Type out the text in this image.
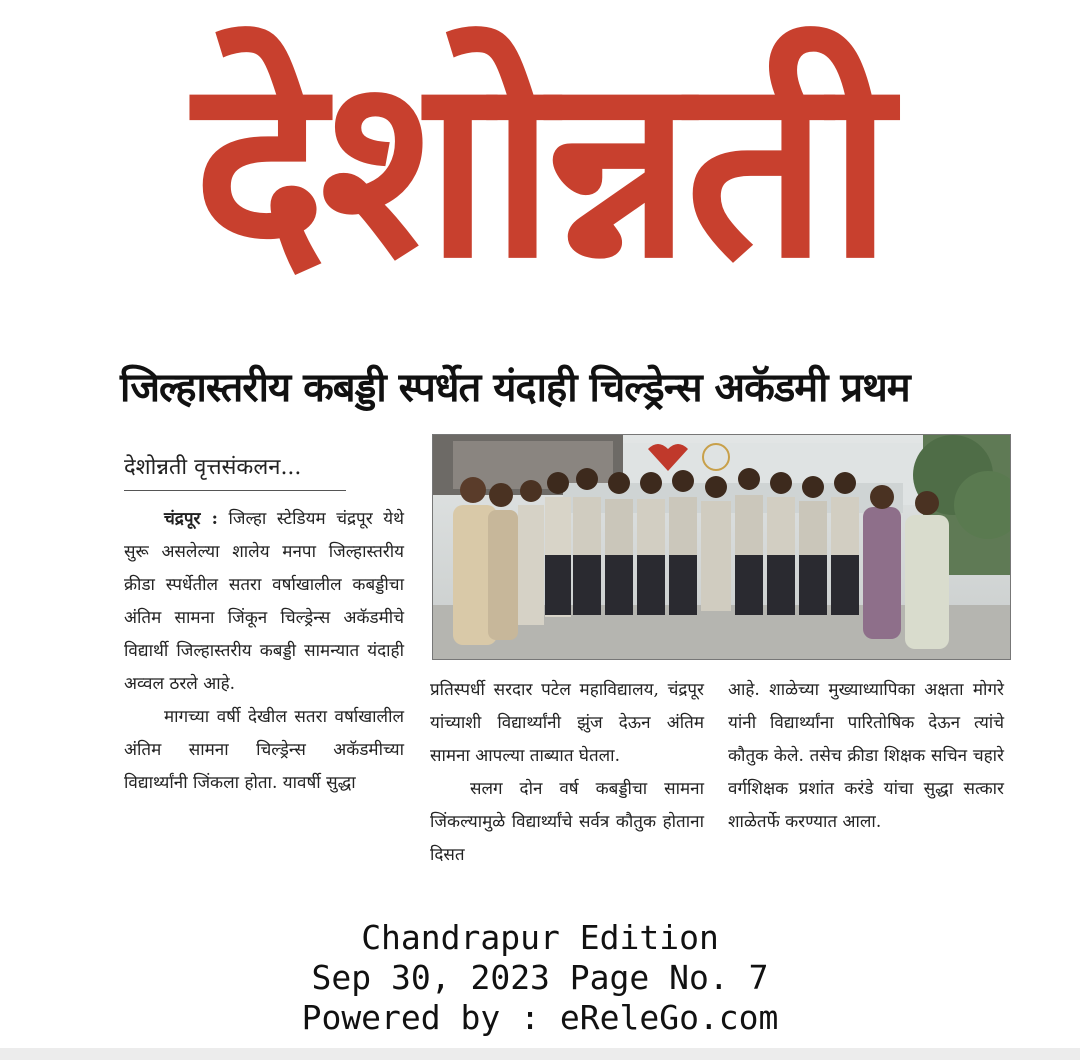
देशोन्नती
जिल्हास्तरीय कबड्डी स्पर्धेत यंदाही चिल्ड्रेन्स अकॅडमी प्रथम
देशोन्नती वृत्तसंकलन...

चंद्रपूर : जिल्हा स्टेडियम चंद्रपूर येथे सुरू असलेल्या शालेय मनपा जिल्हास्तरीय क्रीडा स्पर्धेतील सतरा वर्षाखालील कबड्डीचा अंतिम सामना जिंकून चिल्ड्रेन्स अकॅडमीचे विद्यार्थी जिल्हास्तरीय कबड्डी सामन्यात यंदाही अव्वल ठरले आहे.

मागच्या वर्षी देखील सतरा वर्षाखालील अंतिम सामना चिल्ड्रेन्स अकॅडमीच्या विद्यार्थ्यांनी जिंकला होता. यावर्षी सुद्धा

प्रतिस्पर्धी सरदार पटेल महाविद्यालय, चंद्रपूर यांच्याशी विद्यार्थ्यांनी झुंज देऊन अंतिम सामना आपल्या ताब्यात घेतला.

सलग दोन वर्ष कबड्डीचा सामना जिंकल्यामुळे विद्यार्थ्यांचे सर्वत्र कौतुक होताना दिसत

आहे. शाळेच्या मुख्याध्यापिका अक्षता मोगरे यांनी विद्यार्थ्यांना पारितोषिक देऊन त्यांचे कौतुक केले. तसेच क्रीडा शिक्षक सचिन चहारे वर्गशिक्षक प्रशांत करंडे यांचा सुद्धा सत्कार शाळेतर्फे करण्यात आला.

Chandrapur Edition
Sep 30, 2023 Page No. 7
Powered by : eReleGo.com
